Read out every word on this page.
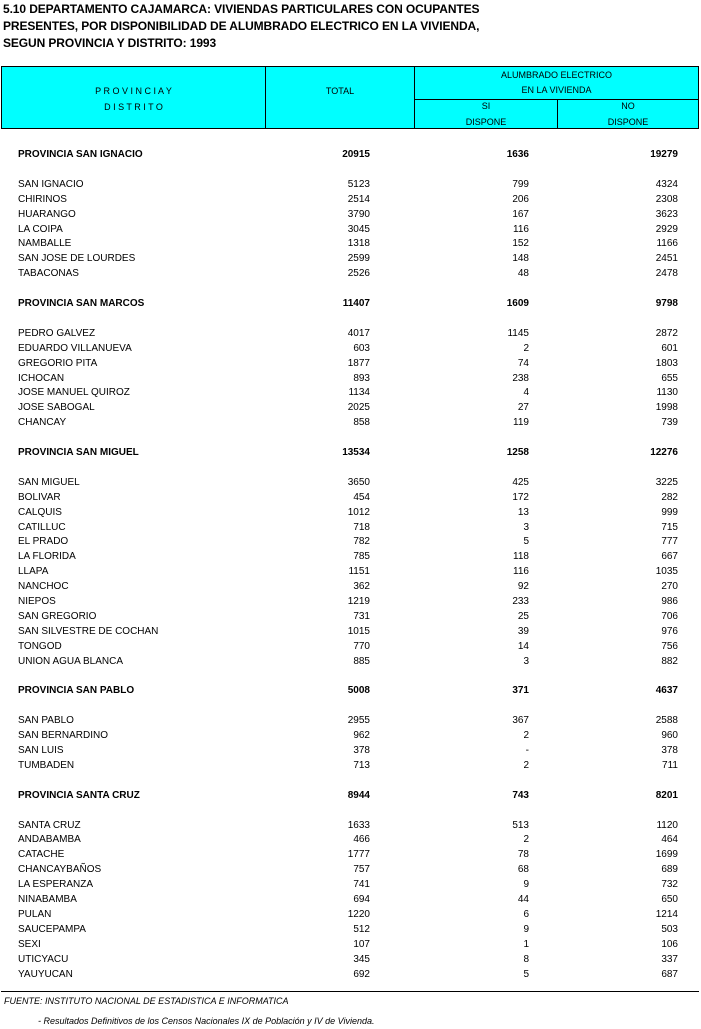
5.10 DEPARTAMENTO CAJAMARCA: VIVIENDAS PARTICULARES CON OCUPANTES
PRESENTES, POR DISPONIBILIDAD DE ALUMBRADO ELECTRICO EN LA VIVIENDA,
SEGUN PROVINCIA Y DISTRITO: 1993
P R O V I N C I A Y
D I S T R I T O
TOTAL
ALUMBRADO ELECTRICO
EN LA VIVIENDA
SI
DISPONE
NO
DISPONE
PROVINCIA SAN IGNACIO	20915	1636	19279
SAN IGNACIO	5123	799	4324
CHIRINOS	2514	206	2308
HUARANGO	3790	167	3623
LA COIPA	3045	116	2929
NAMBALLE	1318	152	1166
SAN JOSE DE LOURDES	2599	148	2451
TABACONAS	2526	48	2478
PROVINCIA SAN MARCOS	11407	1609	9798
PEDRO GALVEZ	4017	1145	2872
EDUARDO VILLANUEVA	603	2	601
GREGORIO PITA	1877	74	1803
ICHOCAN	893	238	655
JOSE MANUEL QUIROZ	1134	4	1130
JOSE SABOGAL	2025	27	1998
CHANCAY	858	119	739
PROVINCIA SAN MIGUEL	13534	1258	12276
SAN MIGUEL	3650	425	3225
BOLIVAR	454	172	282
CALQUIS	1012	13	999
CATILLUC	718	3	715
EL PRADO	782	5	777
LA FLORIDA	785	118	667
LLAPA	1151	116	1035
NANCHOC	362	92	270
NIEPOS	1219	233	986
SAN GREGORIO	731	25	706
SAN SILVESTRE DE COCHAN	1015	39	976
TONGOD	770	14	756
UNION AGUA BLANCA	885	3	882
PROVINCIA SAN PABLO	5008	371	4637
SAN PABLO	2955	367	2588
SAN BERNARDINO	962	2	960
SAN LUIS	378	-	378
TUMBADEN	713	2	711
PROVINCIA SANTA CRUZ	8944	743	8201
SANTA CRUZ	1633	513	1120
ANDABAMBA	466	2	464
CATACHE	1777	78	1699
CHANCAYBAÑOS	757	68	689
LA ESPERANZA	741	9	732
NINABAMBA	694	44	650
PULAN	1220	6	1214
SAUCEPAMPA	512	9	503
SEXI	107	1	106
UTICYACU	345	8	337
YAUYUCAN	692	5	687
FUENTE: INSTITUTO NACIONAL DE ESTADISTICA E INFORMATICA
- Resultados Definitivos de los Censos Nacionales IX de Población y IV de Vivienda.
